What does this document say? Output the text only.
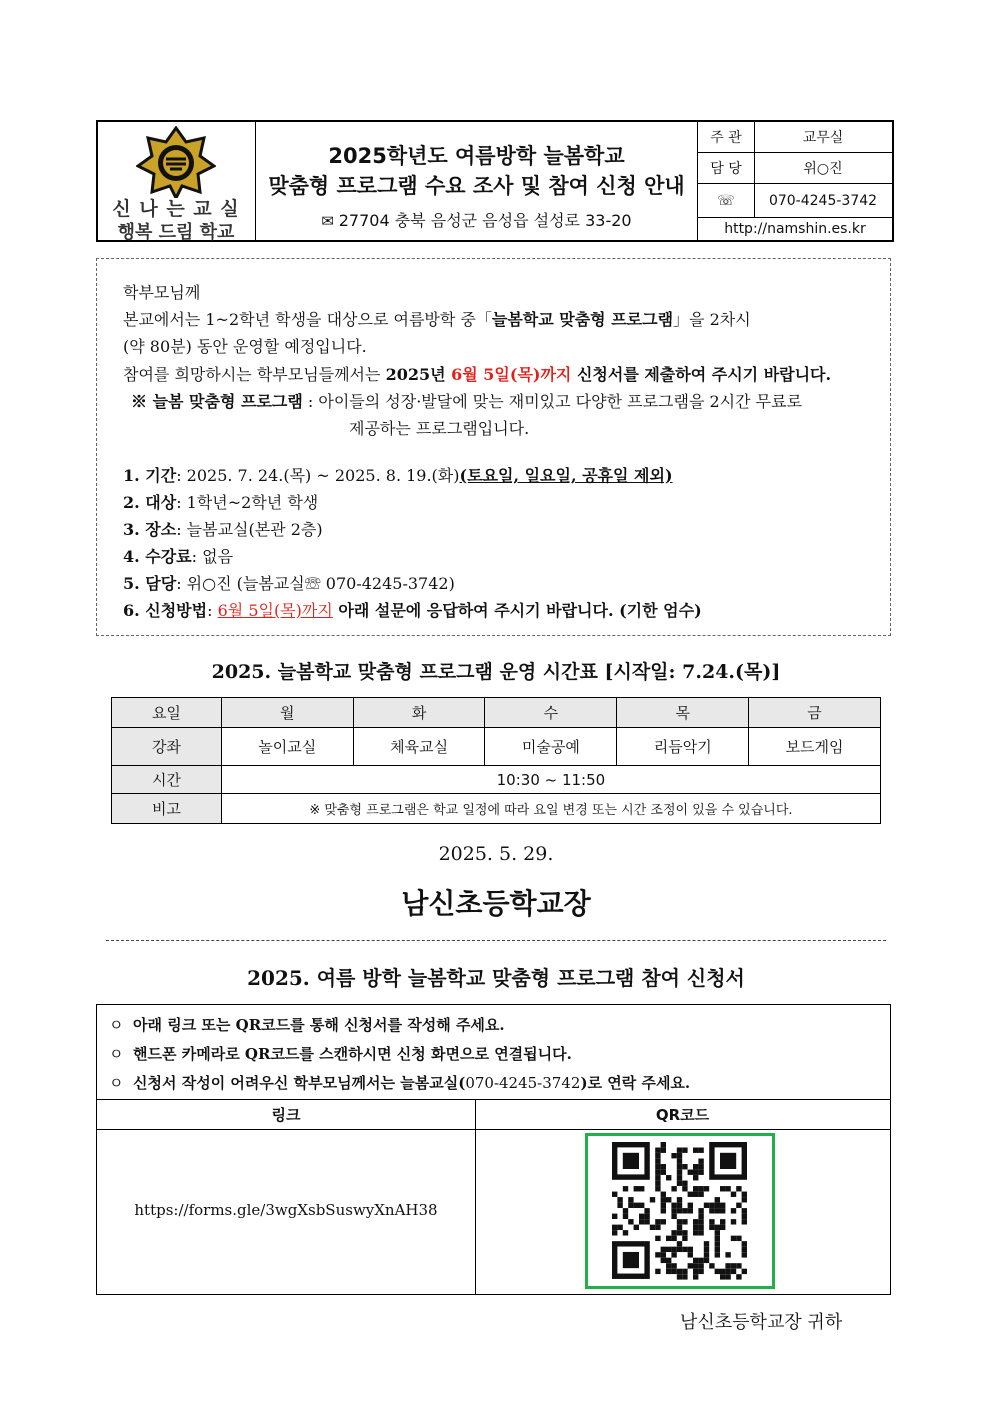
신 나 는 교 실
행복 드림 학교
2025학년도 여름방학 늘봄학교
맞춤형 프로그램 수요 조사 및 참여 신청 안내
✉ 27704 충북 음성군 음성읍 설성로 33-20
주 관	교무실
담 당	위○진
☏	070-4245-3742
http://namshin.es.kr
학부모님께
본교에서는 1~2학년 학생을 대상으로 여름방학 중「늘봄학교 맞춤형 프로그램」을 2차시
(약 80분) 동안 운영할 예정입니다.
참여를 희망하시는 학부모님들께서는 2025년 6월 5일(목)까지 신청서를 제출하여 주시기 바랍니다.
※ 늘봄 맞춤형 프로그램 : 아이들의 성장·발달에 맞는 재미있고 다양한 프로그램을 2시간 무료로
제공하는 프로그램입니다.
1. 기간: 2025. 7. 24.(목) ~ 2025. 8. 19.(화)(토요일, 일요일, 공휴일 제외)
2. 대상: 1학년~2학년 학생
3. 장소: 늘봄교실(본관 2층)
4. 수강료: 없음
5. 담당: 위○진 (늘봄교실☏ 070-4245-3742)
6. 신청방법: 6월 5일(목)까지 아래 설문에 응답하여 주시기 바랍니다. (기한 엄수)
2025. 늘봄학교 맞춤형 프로그램 운영 시간표 [시작일: 7.24.(목)]
요일	월	화	수	목	금
강좌	놀이교실	체육교실	미술공예	리듬악기	보드게임
시간	10:30 ~ 11:50				
비고	※ 맞춤형 프로그램은 학교 일정에 따라 요일 변경 또는 시간 조정이 있을 수 있습니다.				
2025. 5. 29.
남신초등학교장
2025. 여름 방학 늘봄학교 맞춤형 프로그램 참여 신청서
ㅇ  아래 링크 또는 QR코드를 통해 신청서를 작성해 주세요.
ㅇ  핸드폰 카메라로 QR코드를 스캔하시면 신청 화면으로 연결됩니다.
ㅇ  신청서 작성이 어려우신 학부모님께서는 늘봄교실(070-4245-3742)로 연락 주세요.
링크	QR코드
https://forms.gle/3wgXsbSuswyXnAH38
남신초등학교장 귀하
